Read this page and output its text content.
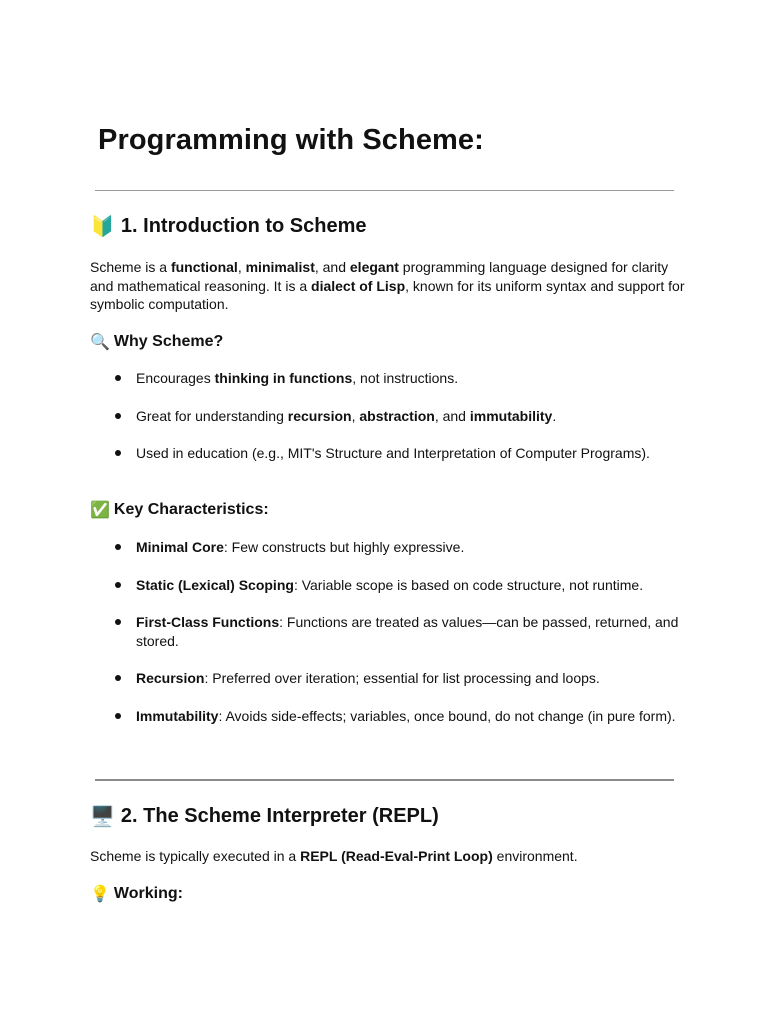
Programming with Scheme:
🔰 1. Introduction to Scheme

Scheme is a functional, minimalist, and elegant programming language designed for clarity and mathematical reasoning. It is a dialect of Lisp, known for its uniform syntax and support for symbolic computation.

🔍 Why Scheme?
Encourages thinking in functions, not instructions.
Great for understanding recursion, abstraction, and immutability.
Used in education (e.g., MIT's Structure and Interpretation of Computer Programs).
✅ Key Characteristics:
Minimal Core: Few constructs but highly expressive.
Static (Lexical) Scoping: Variable scope is based on code structure, not runtime.
First-Class Functions: Functions are treated as values—can be passed, returned, and stored.
Recursion: Preferred over iteration; essential for list processing and loops.
Immutability: Avoids side-effects; variables, once bound, do not change (in pure form).
🖥️ 2. The Scheme Interpreter (REPL)

Scheme is typically executed in a REPL (Read-Eval-Print Loop) environment.

💡 Working:
